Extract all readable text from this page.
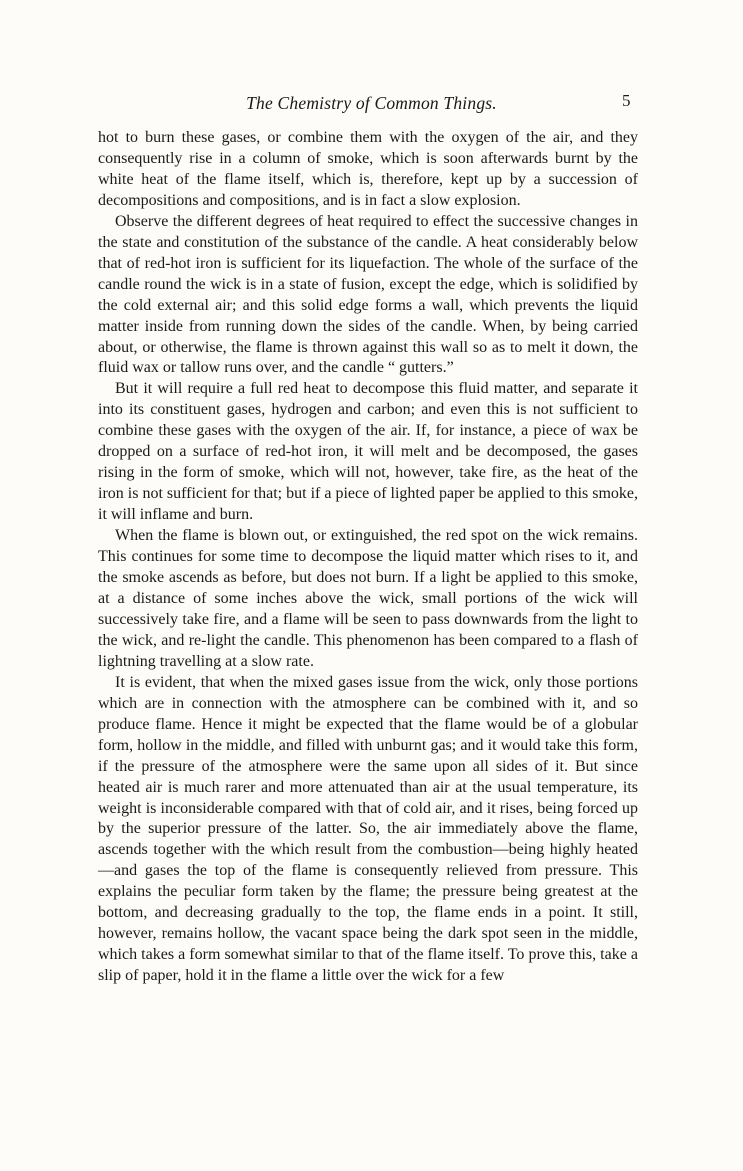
The Chemistry of Common Things.	5

hot to burn these gases, or combine them with the oxygen of the air, and they consequently rise in a column of smoke, which is soon afterwards burnt by the white heat of the flame itself, which is, therefore, kept up by a succession of decompositions and compositions, and is in fact a slow explosion.

Observe the different degrees of heat required to effect the successive changes in the state and constitution of the substance of the candle. A heat considerably below that of red-hot iron is sufficient for its liquefaction. The whole of the surface of the candle round the wick is in a state of fusion, except the edge, which is solidified by the cold external air; and this solid edge forms a wall, which prevents the liquid matter inside from running down the sides of the candle. When, by being carried about, or otherwise, the flame is thrown against this wall so as to melt it down, the fluid wax or tallow runs over, and the candle “ gutters.”

But it will require a full red heat to decompose this fluid matter, and separate it into its constituent gases, hydrogen and carbon; and even this is not sufficient to combine these gases with the oxygen of the air. If, for instance, a piece of wax be dropped on a surface of red-hot iron, it will melt and be decomposed, the gases rising in the form of smoke, which will not, however, take fire, as the heat of the iron is not sufficient for that; but if a piece of lighted paper be applied to this smoke, it will inflame and burn.

When the flame is blown out, or extinguished, the red spot on the wick remains. This continues for some time to decompose the liquid matter which rises to it, and the smoke ascends as before, but does not burn. If a light be applied to this smoke, at a distance of some inches above the wick, small portions of the wick will successively take fire, and a flame will be seen to pass downwards from the light to the wick, and re-light the candle. This phenomenon has been compared to a flash of lightning travelling at a slow rate.

It is evident, that when the mixed gases issue from the wick, only those portions which are in connection with the atmosphere can be combined with it, and so produce flame. Hence it might be expected that the flame would be of a globular form, hollow in the middle, and filled with unburnt gas; and it would take this form, if the pressure of the atmosphere were the same upon all sides of it. But since heated air is much rarer and more attenuated than air at the usual temperature, its weight is inconsiderable compared with that of cold air, and it rises, being forced up by the superior pressure of the latter. So, the air immediately above the flame, ascends together with the which result from the combustion—being highly heated—and gases the top of the flame is consequently relieved from pressure. This explains the peculiar form taken by the flame; the pressure being greatest at the bottom, and decreasing gradually to the top, the flame ends in a point. It still, however, remains hollow, the vacant space being the dark spot seen in the middle, which takes a form somewhat similar to that of the flame itself. To prove this, take a slip of paper, hold it in the flame a little over the wick for a few
